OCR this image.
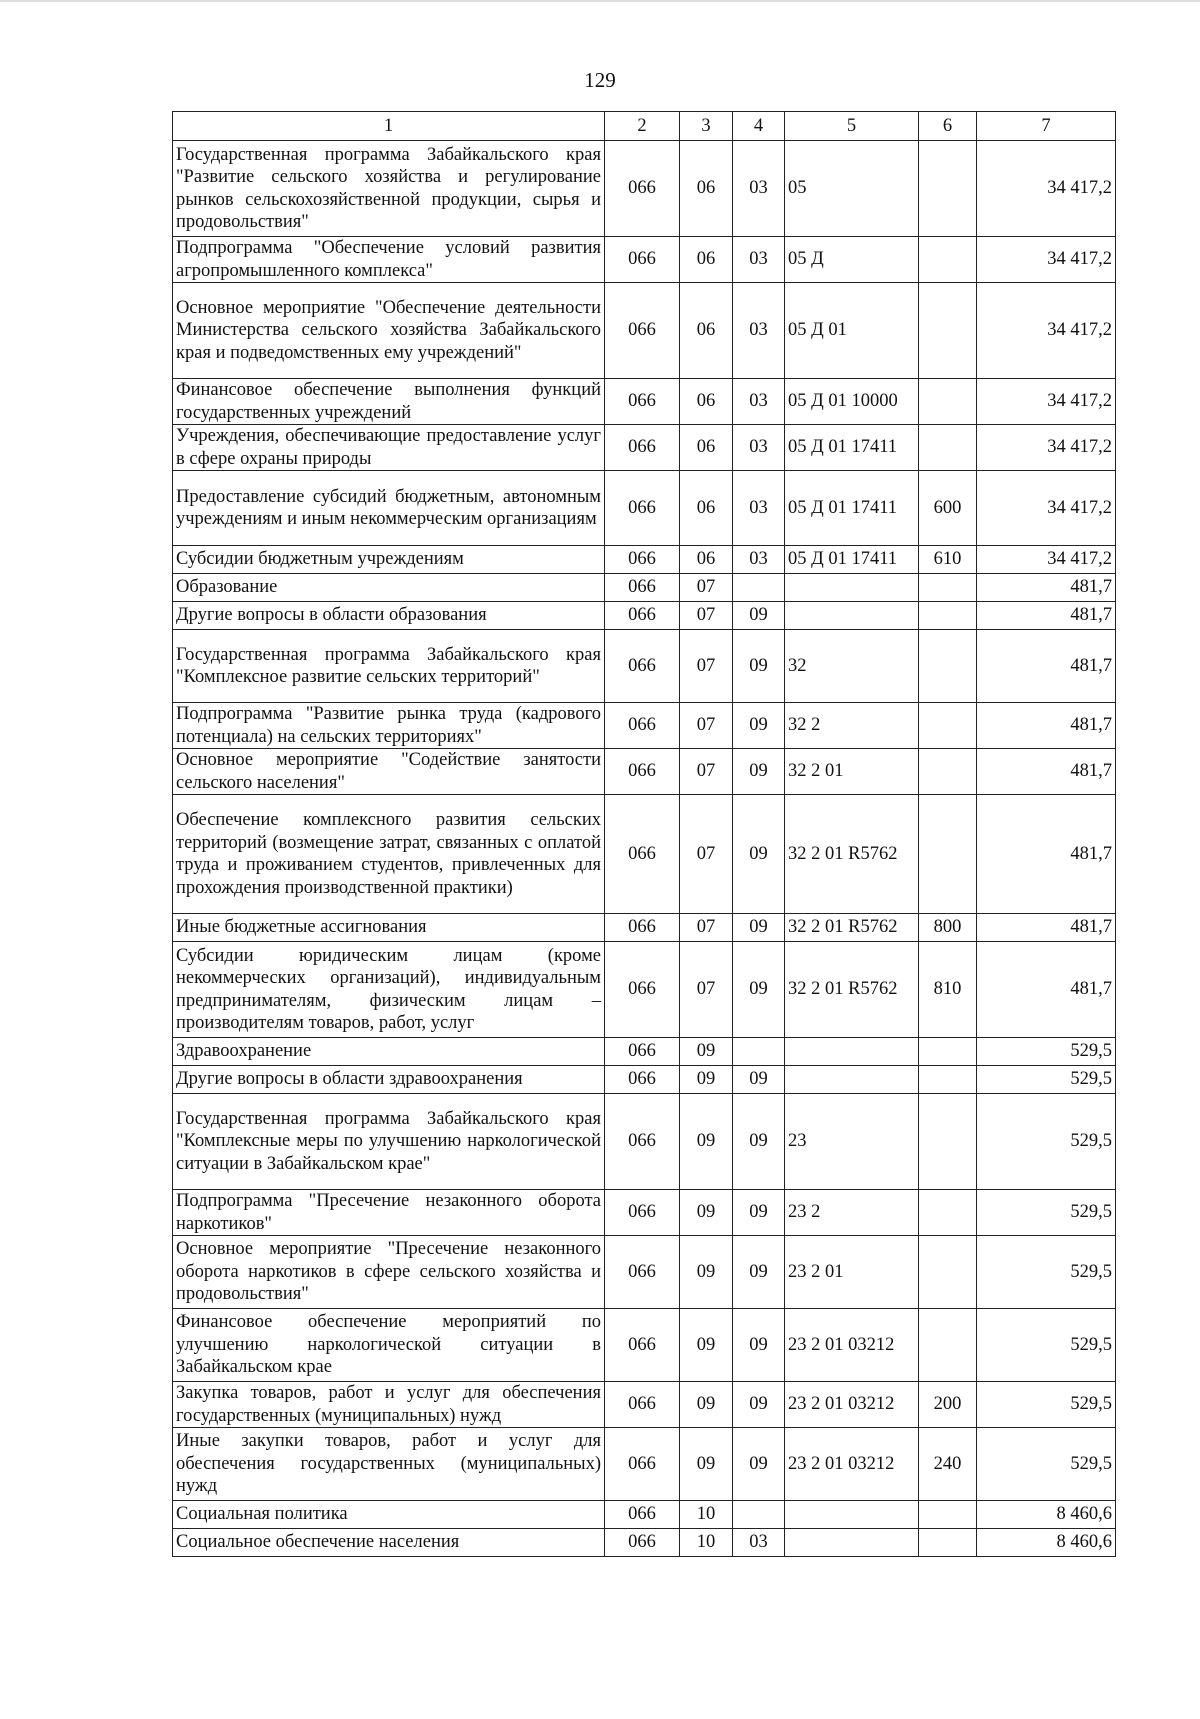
129
1	2	3	4	5	6	7
Государственная программа Забайкальского края "Развитие сельского хозяйства и регулирование рынков сельскохозяйственной продукции, сырья и продовольствия"	066	06	03	05		34 417,2
Подпрограмма "Обеспечение условий развития агропромышленного комплекса"	066	06	03	05 Д		34 417,2
Основное мероприятие "Обеспечение деятельности Министерства сельского хозяйства Забайкальского края и подведомственных ему учреждений"	066	06	03	05 Д 01		34 417,2
Финансовое обеспечение выполнения функций государственных учреждений	066	06	03	05 Д 01 10000		34 417,2
Учреждения, обеспечивающие предоставление услуг в сфере охраны природы	066	06	03	05 Д 01 17411		34 417,2
Предоставление субсидий бюджетным, автономным учреждениям и иным некоммерческим организациям	066	06	03	05 Д 01 17411	600	34 417,2
Субсидии бюджетным учреждениям	066	06	03	05 Д 01 17411	610	34 417,2
Образование	066	07				481,7
Другие вопросы в области образования	066	07	09			481,7
Государственная программа Забайкальского края "Комплексное развитие сельских территорий"	066	07	09	32		481,7
Подпрограмма "Развитие рынка труда (кадрового потенциала) на сельских территориях"	066	07	09	32 2		481,7
Основное мероприятие "Содействие занятости сельского населения"	066	07	09	32 2 01		481,7
Обеспечение комплексного развития сельских территорий (возмещение затрат, связанных с оплатой труда и проживанием студентов, привлеченных для прохождения производственной практики)	066	07	09	32 2 01 R5762		481,7
Иные бюджетные ассигнования	066	07	09	32 2 01 R5762	800	481,7
Субсидии юридическим лицам (кроме некоммерческих организаций), индивидуальным предпринимателям, физическим лицам – производителям товаров, работ, услуг	066	07	09	32 2 01 R5762	810	481,7
Здравоохранение	066	09				529,5
Другие вопросы в области здравоохранения	066	09	09			529,5
Государственная программа Забайкальского края "Комплексные меры по улучшению наркологической ситуации в Забайкальском крае"	066	09	09	23		529,5
Подпрограмма "Пресечение незаконного оборота наркотиков"	066	09	09	23 2		529,5
Основное мероприятие "Пресечение незаконного оборота наркотиков в сфере сельского хозяйства и продовольствия"	066	09	09	23 2 01		529,5
Финансовое обеспечение мероприятий по улучшению наркологической ситуации в Забайкальском крае	066	09	09	23 2 01 03212		529,5
Закупка товаров, работ и услуг для обеспечения государственных (муниципальных) нужд	066	09	09	23 2 01 03212	200	529,5
Иные закупки товаров, работ и услуг для обеспечения государственных (муниципальных) нужд	066	09	09	23 2 01 03212	240	529,5
Социальная политика	066	10				8 460,6
Социальное обеспечение населения	066	10	03			8 460,6
